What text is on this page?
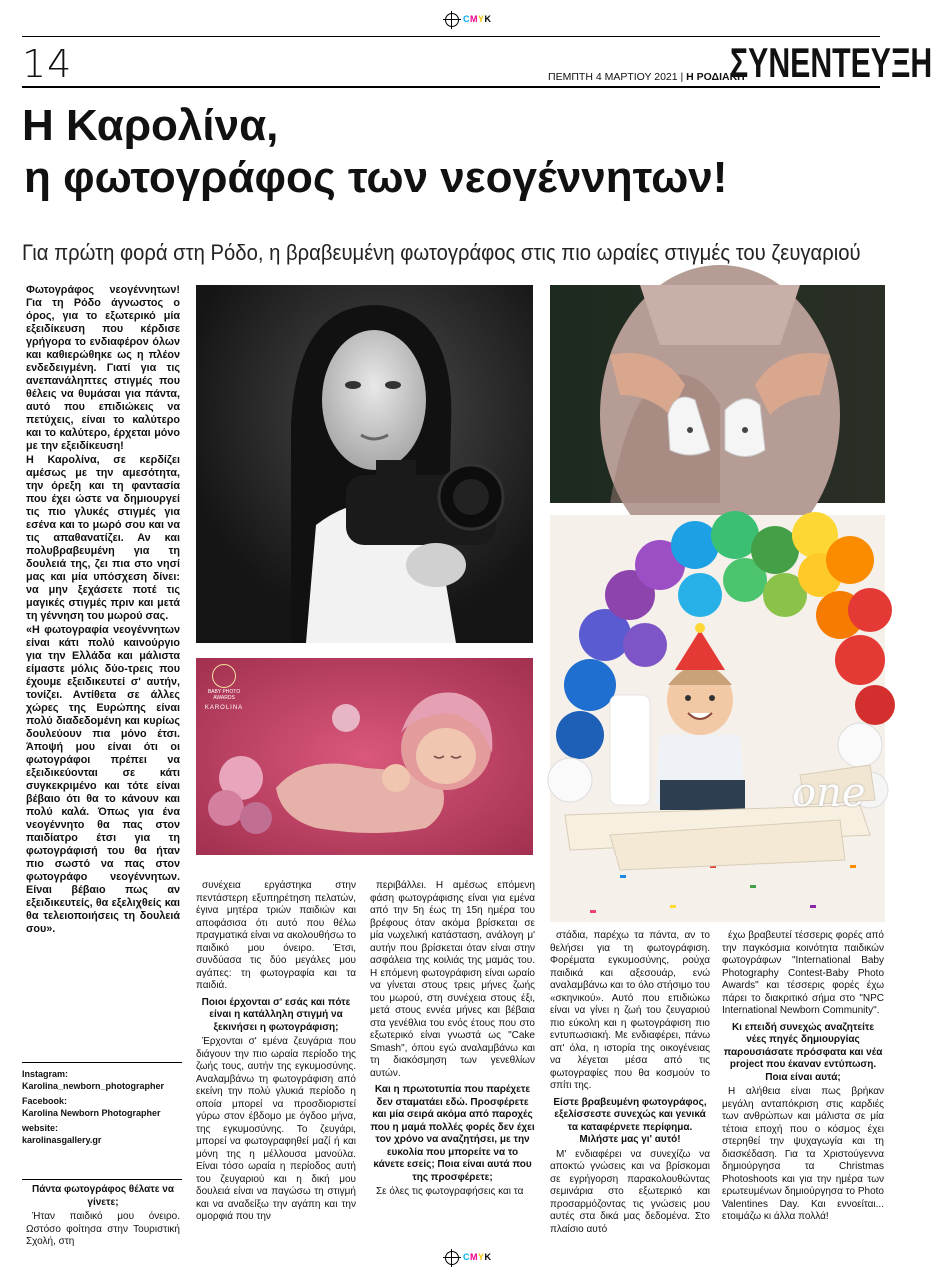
CMYK
14	ΠΕΜΠΤΗ 4 ΜΑΡΤΙΟΥ 2021 | Η ΡΟΔΙΑΚΗ
ΣΥΝΕΝΤΕΥΞΗ
Η Καρολίνα,
η φωτογράφος των νεογέννητων!
Για πρώτη φορά στη Ρόδο, η βραβευμένη φωτογράφος στις πιο ωραίες στιγμές του ζευγαριού

Φωτογράφος νεογέννητων! Για τη Ρόδο άγνωστος ο όρος, για το εξωτερικό μία εξειδίκευση που κέρδισε γρήγορα το ενδιαφέρον όλων και καθιερώθηκε ως η πλέον ενδεδειγμένη. Γιατί για τις ανεπανάληπτες στιγμές που θέλεις να θυμάσαι για πάντα, αυτό που επιδιώκεις να πετύχεις, είναι το καλύτερο και το καλύτερο, έρχεται μόνο με την εξειδίκευση!

Η Καρολίνα, σε κερδίζει αμέσως με την αμεσότητα, την όρεξη και τη φαντασία που έχει ώστε να δημιουργεί τις πιο γλυκές στιγμές για εσένα και το μωρό σου και να τις απαθανατίζει. Αν και πολυβραβευμένη για τη δουλειά της, ζει πια στο νησί μας και μία υπόσχεση δίνει: να μην ξεχάσετε ποτέ τις μαγικές στιγμές πριν και μετά τη γέννηση του μωρού σας.

«Η φωτογραφία νεογέννητων είναι κάτι πολύ καινούργιο για την Ελλάδα και μάλιστα είμαστε μόλις δύο-τρεις που έχουμε εξειδικευτεί σ' αυτήν, τονίζει. Αντίθετα σε άλλες χώρες της Ευρώπης είναι πολύ διαδεδομένη και κυρίως δουλεύουν πια μόνο έτσι. Άποψή μου είναι ότι οι φωτογράφοι πρέπει να εξειδικεύονται σε κάτι συγκεκριμένο και τότε είναι βέβαιο ότι θα το κάνουν και πολύ καλά. Όπως για ένα νεογέννητο θα πας στον παιδίατρο έτσι για τη φωτογράφισή του θα ήταν πιο σωστό να πας στον φωτογράφο νεογέννητων. Είναι βέβαιο πως αν εξειδικευτείς, θα εξελιχθείς και θα τελειοποιήσεις τη δουλειά σου».

Instagram:
Karolina_newborn_photographer
Facebook:
Karolina Newborn Photographer
website:
karolinasgallery.gr

Πάντα φωτογράφος θέλατε να γίνετε;

Ήταν παιδικό μου όνειρο. Ωστόσο φοίτησα στην Τουριστική Σχολή, στη

συνέχεια εργάστηκα στην πεντάστερη εξυπηρέτηση πελατών, έγινα μητέρα τριών παιδιών και αποφάσισα ότι αυτό που θέλω πραγματικά είναι να ακολουθήσω το παιδικό μου όνειρο. Έτσι, συνδύασα τις δύο μεγάλες μου αγάπες: τη φωτογραφία και τα παιδιά.

Ποιοι έρχονται σ' εσάς και πότε είναι η κατάλληλη στιγμή να ξεκινήσει η φωτογράφιση;

Έρχονται σ' εμένα ζευγάρια που διάγουν την πιο ωραία περίοδο της ζωής τους, αυτήν της εγκυμοσύνης. Αναλαμβάνω τη φωτογράφιση από εκείνη την πολύ γλυκιά περίοδο η οποία μπορεί να προσδιοριστεί γύρω στον έβδομο με όγδοο μήνα, της εγκυμοσύνης. Το ζευγάρι, μπορεί να φωτογραφηθεί μαζί ή και μόνη της η μέλλουσα μανούλα. Είναι τόσο ωραία η περίοδος αυτή του ζευγαριού και η δική μου δουλειά είναι να παγώσω τη στιγμή και να αναδείξω την αγάπη και την ομορφιά που την

περιβάλλει. Η αμέσως επόμενη φάση φωτογράφισης είναι για εμένα από την 5η έως τη 15η ημέρα του βρέφους όταν ακόμα βρίσκεται σε μία νωχελική κατάσταση, ανάλογη μ' αυτήν που βρίσκεται όταν είναι στην ασφάλεια της κοιλιάς της μαμάς του. Η επόμενη φωτογράφιση είναι ωραίο να γίνεται στους τρεις μήνες ζωής του μωρού, στη συνέχεια στους έξι, μετά στους εννέα μήνες και βέβαια στα γενέθλια του ενός έτους που στο εξωτερικό είναι γνωστά ως "Cake Smash", όπου εγώ αναλαμβάνω και τη διακόσμηση των γενεθλίων αυτών.

Και η πρωτοτυπία που παρέχετε δεν σταματάει εδώ. Προσφέρετε και μία σειρά ακόμα από παροχές που η μαμά πολλές φορές δεν έχει τον χρόνο να αναζητήσει, με την ευκολία που μπορείτε να το κάνετε εσείς; Ποια είναι αυτά που της προσφέρετε;

Σε όλες τις φωτογραφήσεις και τα

στάδια, παρέχω τα πάντα, αν το θελήσει για τη φωτογράφιση. Φορέματα εγκυμοσύνης, ρούχα παιδικά και αξεσουάρ, ενώ αναλαμβάνω και το όλο στήσιμο του «σκηνικού». Αυτό που επιδιώκω είναι να γίνει η ζωή του ζευγαριού πιο εύκολη και η φωτογράφιση πιο εντυπωσιακή. Με ενδιαφέρει, πάνω απ' όλα, η ιστορία της οικογένειας να λέγεται μέσα από τις φωτογραφίες που θα κοσμούν το σπίτι της.

Είστε βραβευμένη φωτογράφος, εξελίσσεστε συνεχώς και γενικά τα καταφέρνετε περίφημα. Μιλήστε μας γι' αυτό!

Μ' ενδιαφέρει να συνεχίζω να αποκτώ γνώσεις και να βρίσκομαι σε εγρήγορση παρακολουθώντας σεμινάρια στο εξωτερικό και προσαρμόζοντας τις γνώσεις μου αυτές στα δικά μας δεδομένα. Στο πλαίσιο αυτό

έχω βραβευτεί τέσσερις φορές από την παγκόσμια κοινότητα παιδικών φωτογράφων "International Baby Photography Contest-Baby Photo Awards" και τέσσερις φορές έχω πάρει το διακριτικό σήμα στο "NPC International Newborn Community".

Κι επειδή συνεχώς αναζητείτε νέες πηγές δημιουργίας παρουσιάσατε πρόσφατα και νέα project που έκαναν εντύπωση. Ποια είναι αυτά;

Η αλήθεια είναι πως βρήκαν μεγάλη ανταπόκριση στις καρδιές των ανθρώπων και μάλιστα σε μία τέτοια εποχή που ο κόσμος έχει στερηθεί την ψυχαγωγία και τη διασκέδαση. Για τα Χριστούγεννα δημιούργησα τα Christmas Photoshoots και για την ημέρα των ερωτευμένων δημιούργησα το Photo Valentines Day. Και εννοείται... ετοιμάζω κι άλλα πολλά!

BABY PHOTO
AWARDS
KAROLINA
one
CMYK
